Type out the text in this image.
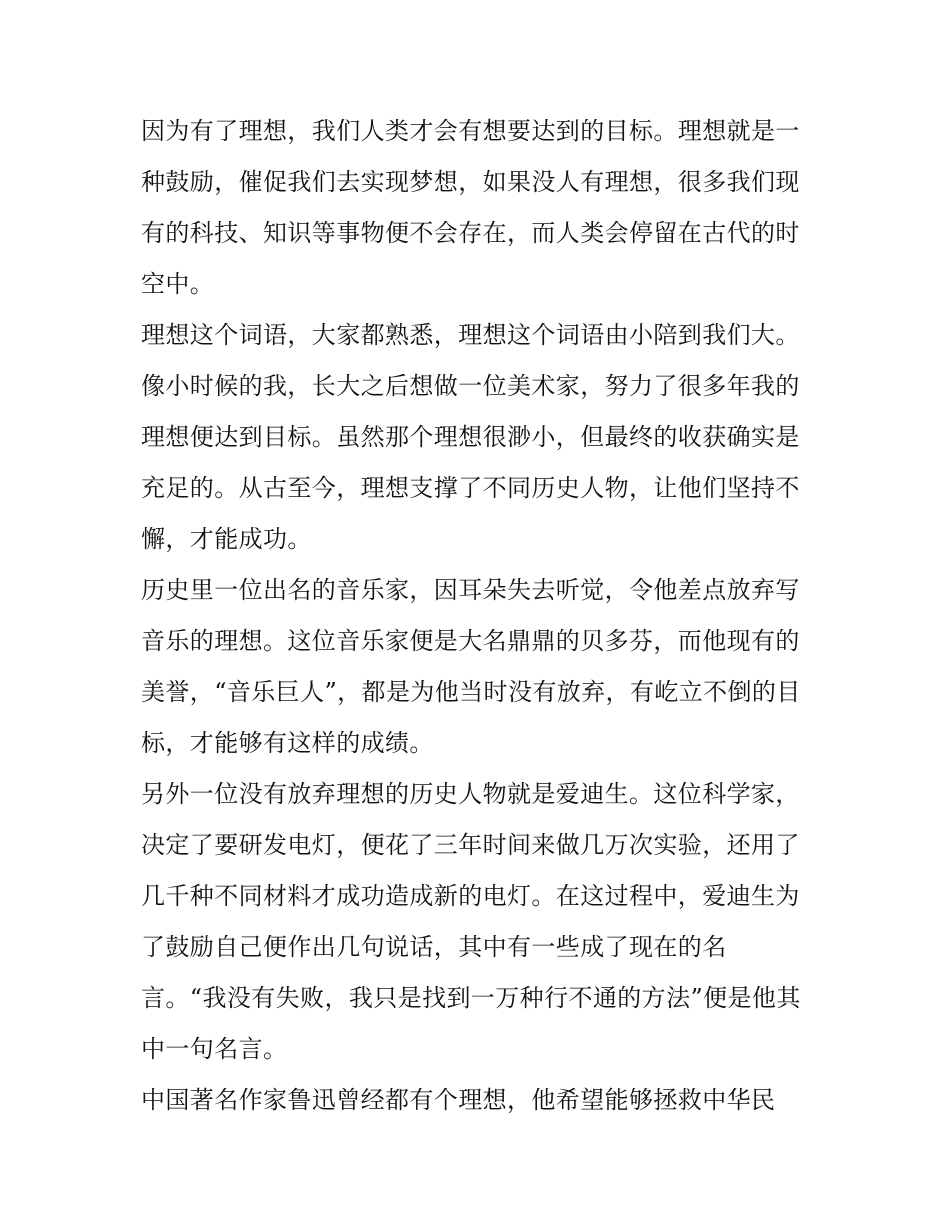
因为有了理想，我们人类才会有想要达到的目标。理想就是一
种鼓励，催促我们去实现梦想，如果没人有理想，很多我们现
有的科技、知识等事物便不会存在，而人类会停留在古代的时
空中。
理想这个词语，大家都熟悉，理想这个词语由小陪到我们大。
像小时候的我，长大之后想做一位美术家，努力了很多年我的
理想便达到目标。虽然那个理想很渺小，但最终的收获确实是
充足的。从古至今，理想支撑了不同历史人物，让他们坚持不
懈，才能成功。
历史里一位出名的音乐家，因耳朵失去听觉，令他差点放弃写
音乐的理想。这位音乐家便是大名鼎鼎的贝多芬，而他现有的
美誉，“音乐巨人”，都是为他当时没有放弃，有屹立不倒的目
标，才能够有这样的成绩。
另外一位没有放弃理想的历史人物就是爱迪生。这位科学家，
决定了要研发电灯，便花了三年时间来做几万次实验，还用了
几千种不同材料才成功造成新的电灯。在这过程中，爱迪生为
了鼓励自己便作出几句说话，其中有一些成了现在的名
言。“我没有失败，我只是找到一万种行不通的方法”便是他其
中一句名言。
中国著名作家鲁迅曾经都有个理想，他希望能够拯救中华民
